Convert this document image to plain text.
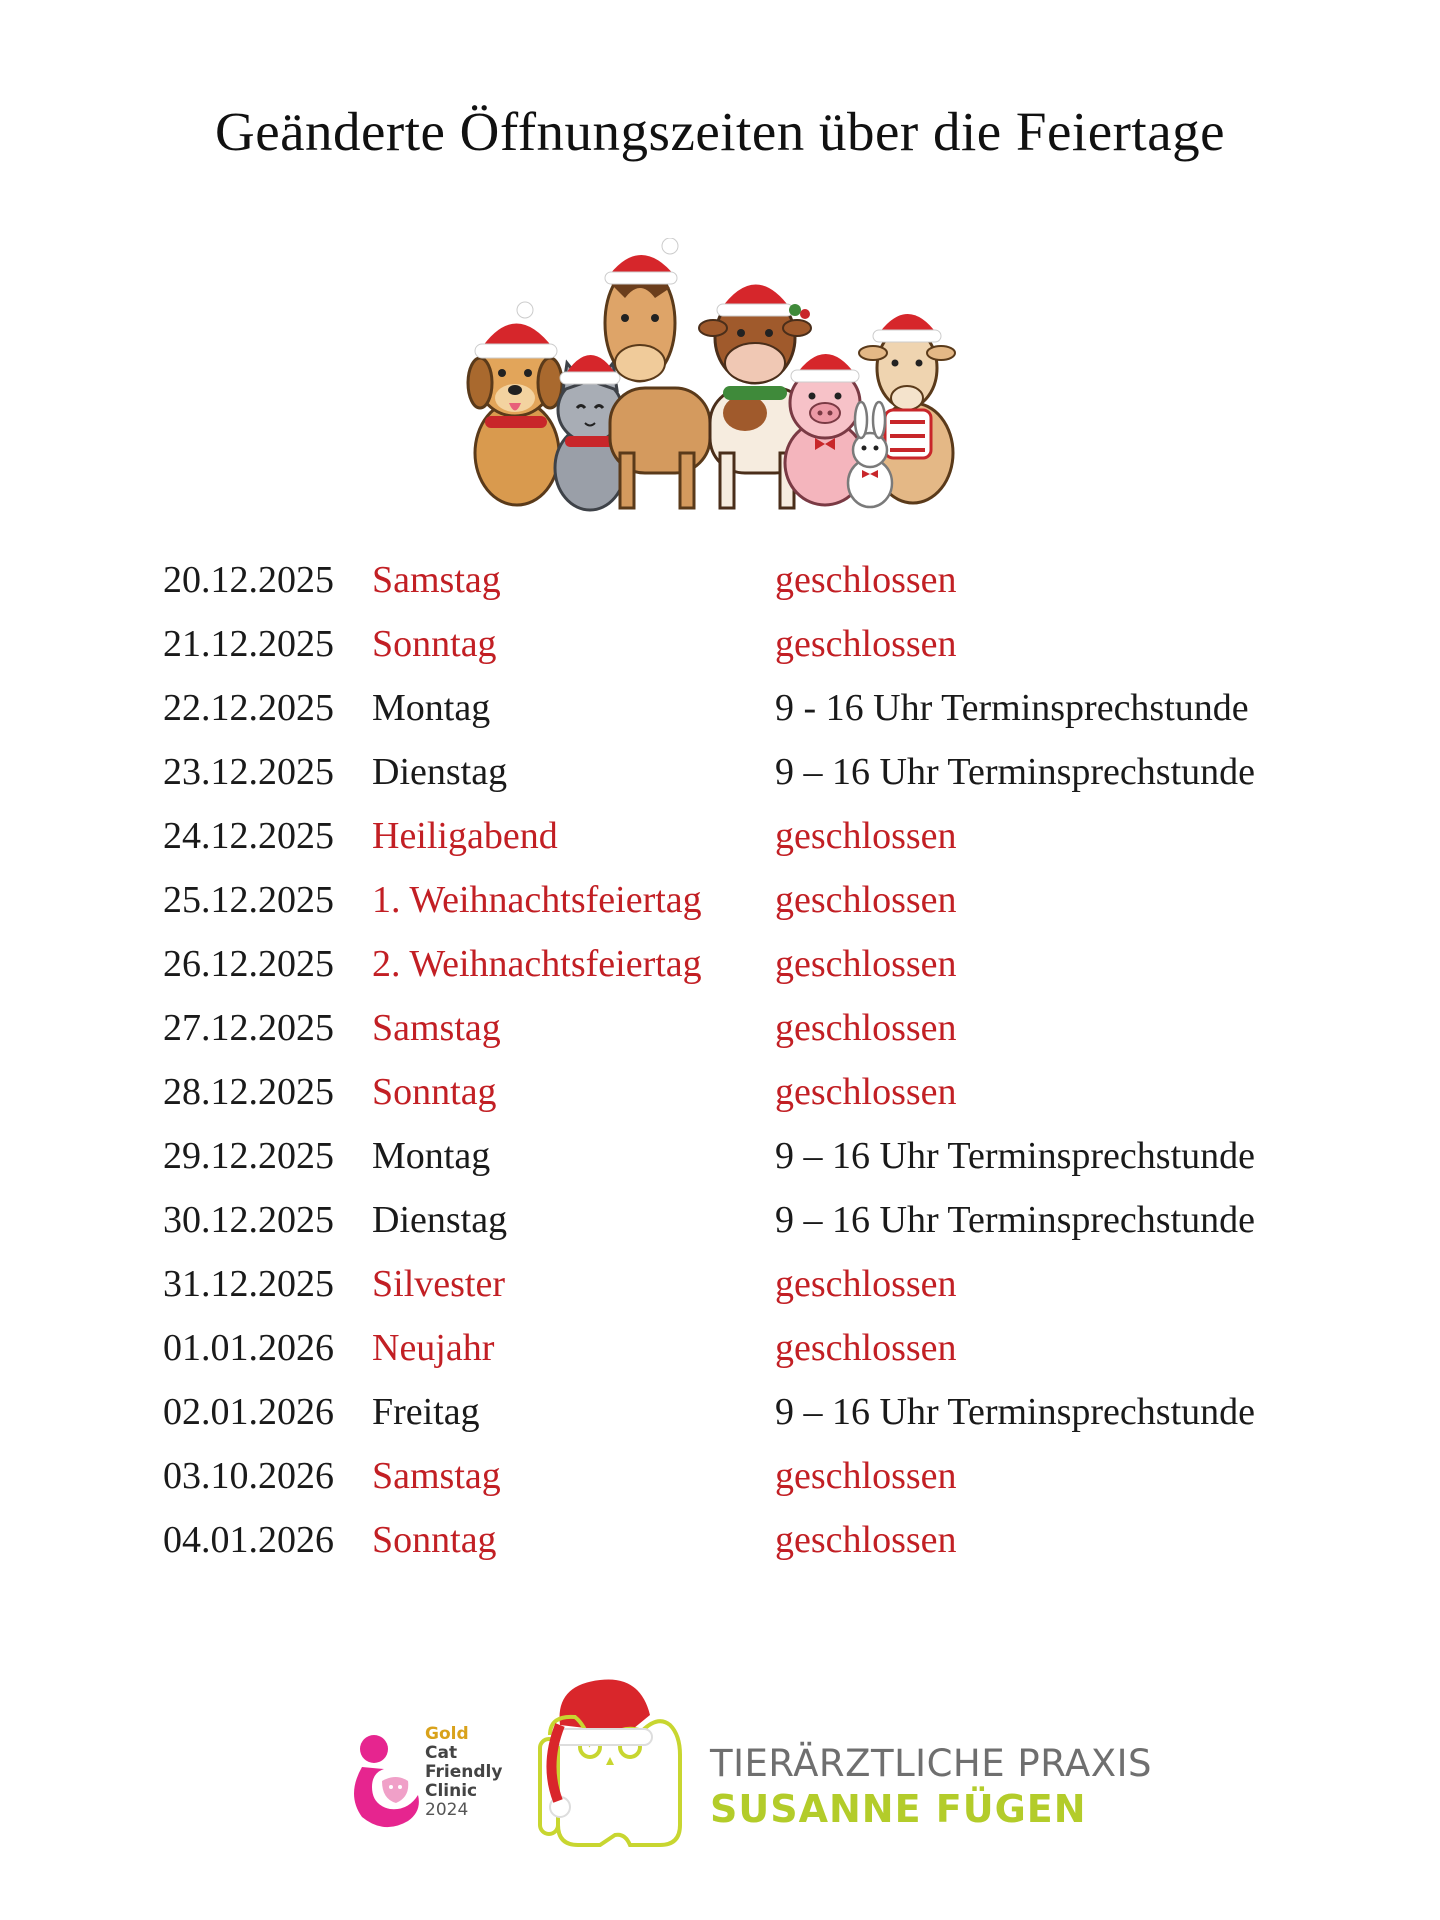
Geänderte Öffnungszeiten über die Feiertage
20.12.2025 Samstag	geschlossen
21.12.2025 Sonntag	geschlossen
22.12.2025 Montag	9 - 16 Uhr Terminsprechstunde
23.12.2025 Dienstag	9 – 16 Uhr Terminsprechstunde
24.12.2025 Heiligabend	geschlossen
25.12.2025 1. Weihnachtsfeiertag geschlossen
26.12.2025 2. Weihnachtsfeiertag geschlossen
27.12.2025 Samstag	geschlossen
28.12.2025 Sonntag	geschlossen
29.12.2025 Montag	9 – 16 Uhr Terminsprechstunde
30.12.2025 Dienstag	9 – 16 Uhr Terminsprechstunde
31.12.2025 Silvester	geschlossen
01.01.2026 Neujahr	geschlossen
02.01.2026 Freitag	9 – 16 Uhr Terminsprechstunde
03.10.2026 Samstag	geschlossen
04.01.2026 Sonntag	geschlossen
Gold
Cat
Friendly
Clinic
2024
TIERÄRZTLICHE PRAXIS
SUSANNE FÜGEN
